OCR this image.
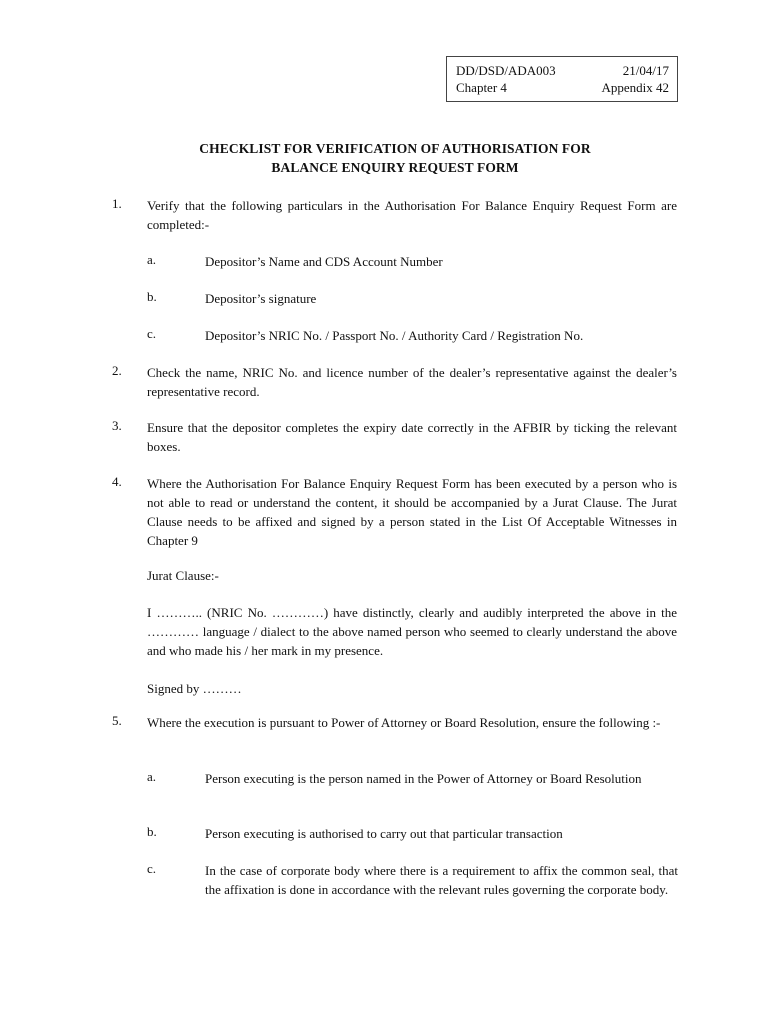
DD/DSD/ADA003	21/04/17
Chapter 4	Appendix 42
CHECKLIST FOR VERIFICATION OF AUTHORISATION FOR
BALANCE ENQUIRY REQUEST FORM
1. Verify that the following particulars in the Authorisation For Balance Enquiry Request Form are completed:-
a.	Depositor’s Name and CDS Account Number
b.	Depositor’s signature
c.	Depositor’s NRIC No. / Passport No. / Authority Card / Registration No.
2. Check the name, NRIC No. and licence number of the dealer’s representative against the dealer’s representative record.
3. Ensure that the depositor completes the expiry date correctly in the AFBIR by ticking the relevant boxes.
4. Where the Authorisation For Balance Enquiry Request Form has been executed by a person who is not able to read or understand the content, it should be accompanied by a Jurat Clause. The Jurat Clause needs to be affixed and signed by a person stated in the List Of Acceptable Witnesses in Chapter 9
Jurat Clause:-
I ……….. (NRIC No. …………) have distinctly, clearly and audibly interpreted the above in the ………… language / dialect to the above named person who seemed to clearly understand the above and who made his / her mark in my presence.
Signed by ………
5. Where the execution is pursuant to Power of Attorney or Board Resolution, ensure the following :-
a.	Person executing is the person named in the Power of Attorney or Board Resolution
b.	Person executing is authorised to carry out that particular transaction
c.	In the case of corporate body where there is a requirement to affix the common seal, that the affixation is done in accordance with the relevant rules governing the corporate body.
